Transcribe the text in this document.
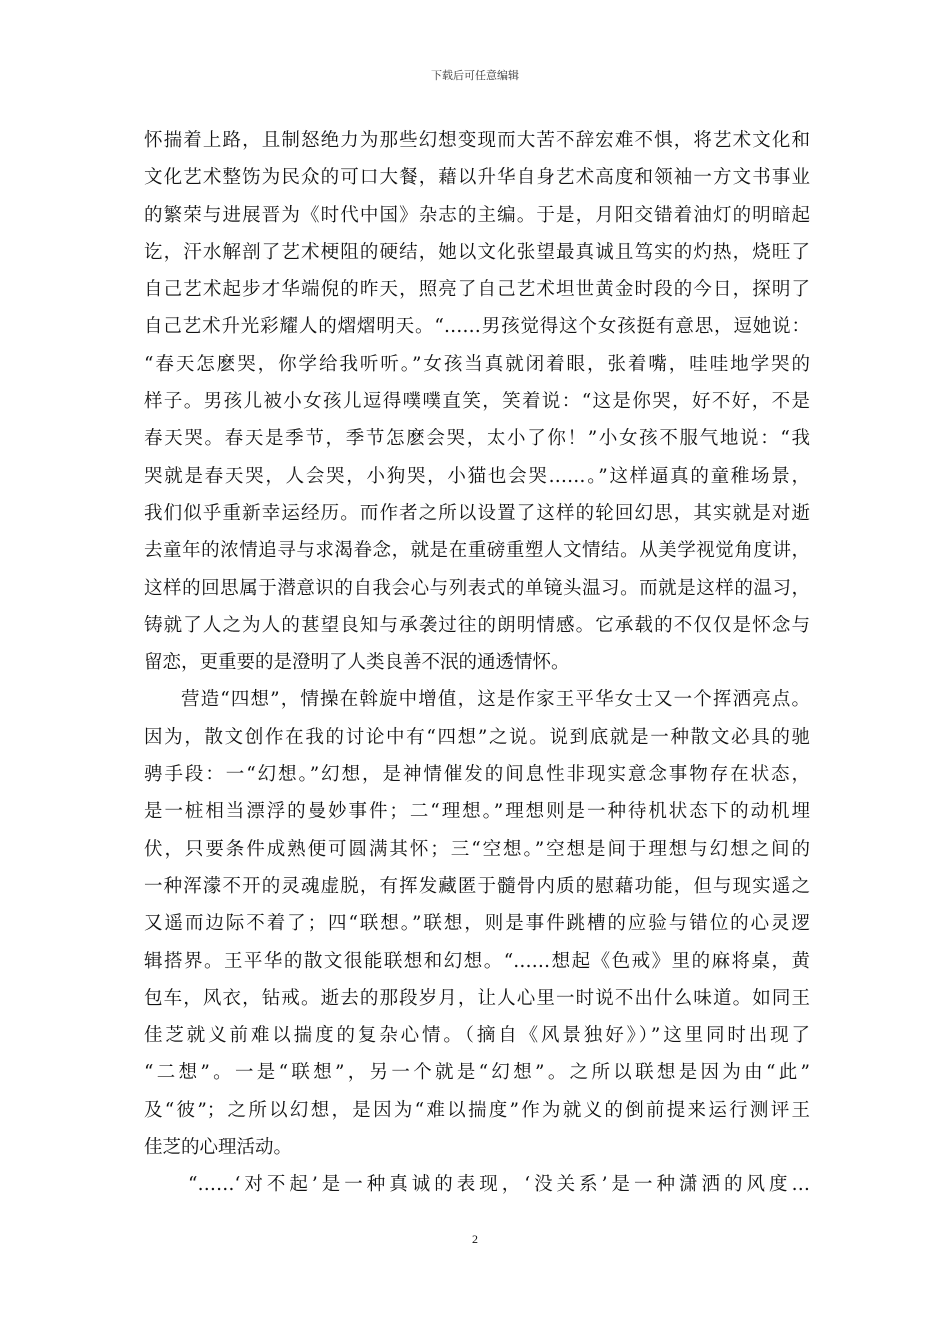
下载后可任意编辑
怀揣着上路，且制怒绝力为那些幻想变现而大苦不辞宏难不惧，将艺术文化和
文化艺术整饬为民众的可口大餐，藉以升华自身艺术高度和领袖一方文书事业
的繁荣与进展晋为《时代中国》杂志的主编。于是，月阳交错着油灯的明暗起
讫，汗水解剖了艺术梗阻的硬结，她以文化张望最真诚且笃实的灼热，烧旺了
自己艺术起步才华端倪的昨天，照亮了自己艺术坦世黄金时段的今日，探明了
自己艺术升光彩耀人的熠熠明天。“……男孩觉得这个女孩挺有意思，逗她说：
“春天怎麽哭，你学给我听听。”女孩当真就闭着眼，张着嘴，哇哇地学哭的
样子。男孩儿被小女孩儿逗得噗噗直笑，笑着说：“这是你哭，好不好，不是
春天哭。春天是季节，季节怎麽会哭，太小了你！”小女孩不服气地说：“我
哭就是春天哭，人会哭，小狗哭，小猫也会哭……。”这样逼真的童稚场景，
我们似乎重新幸运经历。而作者之所以设置了这样的轮回幻思，其实就是对逝
去童年的浓情追寻与求渴眷念，就是在重磅重塑人文情结。从美学视觉角度讲，
这样的回思属于潜意识的自我会心与列表式的单镜头温习。而就是这样的温习，
铸就了人之为人的葚望良知与承袭过往的朗明情感。它承载的不仅仅是怀念与
留恋，更重要的是澄明了人类良善不泯的通透情怀。
营造“四想”，情操在斡旋中增值，这是作家王平华女士又一个挥洒亮点。
因为，散文创作在我的讨论中有“四想”之说。说到底就是一种散文必具的驰
骋手段：一“幻想。”幻想，是神情催发的间息性非现实意念事物存在状态，
是一桩相当漂浮的曼妙事件；二“理想。”理想则是一种待机状态下的动机埋
伏，只要条件成熟便可圆满其怀；三“空想。”空想是间于理想与幻想之间的
一种浑濛不开的灵魂虚脱，有挥发藏匿于髓骨内质的慰藉功能，但与现实遥之
又遥而边际不着了；四“联想。”联想，则是事件跳槽的应验与错位的心灵逻
辑搭界。王平华的散文很能联想和幻想。“……想起《色戒》里的麻将桌，黄
包车，风衣，钻戒。逝去的那段岁月，让人心里一时说不出什么味道。如同王
佳芝就义前难以揣度的复杂心情。（摘自《风景独好》）”这里同时出现了
“二想”。一是“联想”，另一个就是“幻想”。之所以联想是因为由“此”
及“彼”；之所以幻想，是因为“难以揣度”作为就义的倒前提来运行测评王
佳芝的心理活动。
“……‘对不起’是一种真诚的表现，‘没关系’是一种潇洒的风度…
2
